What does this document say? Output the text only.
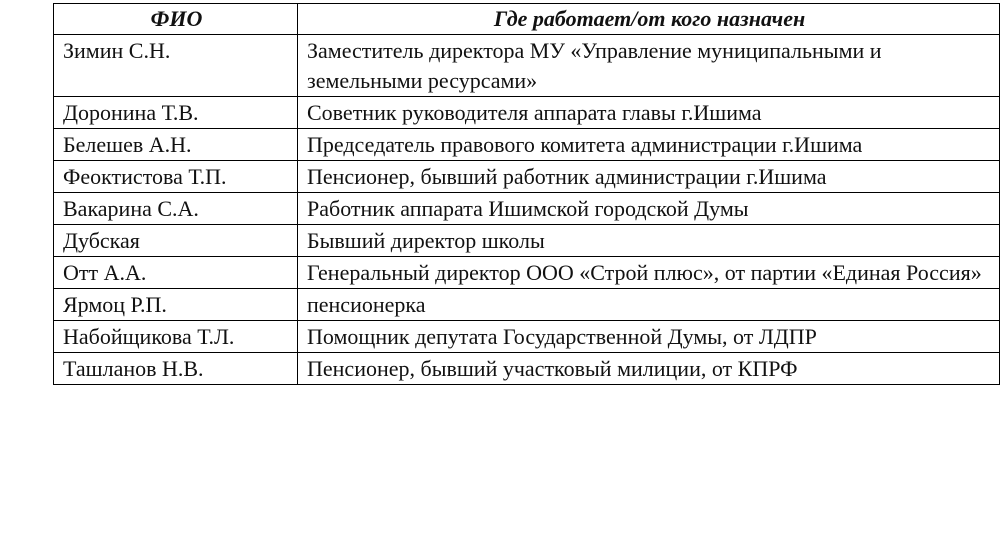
ФИО	Где работает/от кого назначен
Зимин С.Н.	Заместитель директора МУ «Управление муниципальными и земельными ресурсами»
Доронина Т.В.	Советник руководителя аппарата главы г.Ишима
Белешев А.Н.	Председатель правового комитета администрации г.Ишима
Феоктистова Т.П.	Пенсионер, бывший работник администрации г.Ишима
Вакарина С.А.	Работник аппарата Ишимской городской Думы
Дубская	Бывший директор школы
Отт А.А.	Генеральный директор ООО «Строй плюс», от партии «Единая Россия»
Ярмоц Р.П.	пенсионерка
Набойщикова Т.Л.	Помощник депутата Государственной Думы, от ЛДПР
Ташланов Н.В.	Пенсионер, бывший участковый милиции, от КПРФ
